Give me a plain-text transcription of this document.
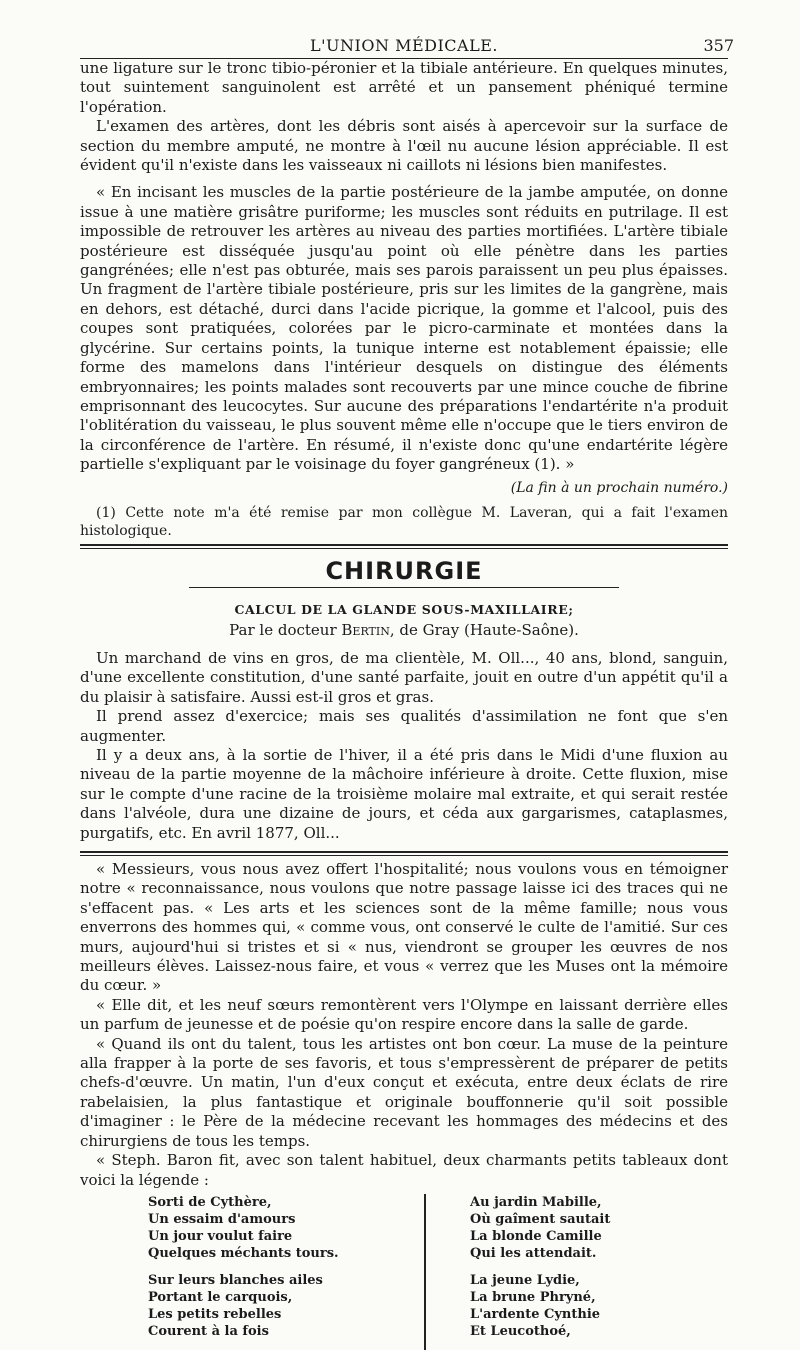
L'UNION MÉDICALE.	357

une ligature sur le tronc tibio-péronier et la tibiale antérieure. En quelques minutes, tout suintement sanguinolent est arrêté et un pansement phéniqué termine l'opération.

L'examen des artères, dont les débris sont aisés à apercevoir sur la surface de section du membre amputé, ne montre à l'œil nu aucune lésion appréciable. Il est évident qu'il n'existe dans les vaisseaux ni caillots ni lésions bien manifestes.

« En incisant les muscles de la partie postérieure de la jambe amputée, on donne issue à une matière grisâtre puriforme; les muscles sont réduits en putrilage. Il est impossible de retrouver les artères au niveau des parties mortifiées. L'artère tibiale postérieure est disséquée jusqu'au point où elle pénètre dans les parties gangrénées; elle n'est pas obturée, mais ses parois paraissent un peu plus épaisses. Un fragment de l'artère tibiale postérieure, pris sur les limites de la gangrène, mais en dehors, est détaché, durci dans l'acide picrique, la gomme et l'alcool, puis des coupes sont pratiquées, colorées par le picro-carminate et montées dans la glycérine. Sur certains points, la tunique interne est notablement épaissie; elle forme des mamelons dans l'intérieur desquels on distingue des éléments embryonnaires; les points malades sont recouverts par une mince couche de fibrine emprisonnant des leucocytes. Sur aucune des préparations l'endartérite n'a produit l'oblitération du vaisseau, le plus souvent même elle n'occupe que le tiers environ de la circonférence de l'artère. En résumé, il n'existe donc qu'une endartérite légère partielle s'expliquant par le voisinage du foyer gangréneux (1). »

(La fin à un prochain numéro.)

(1) Cette note m'a été remise par mon collègue M. Laveran, qui a fait l'examen histologique.

CHIRURGIE
CALCUL DE LA GLANDE SOUS-MAXILLAIRE;
Par le docteur Bertin, de Gray (Haute-Saône).

Un marchand de vins en gros, de ma clientèle, M. Oll..., 40 ans, blond, sanguin, d'une excellente constitution, d'une santé parfaite, jouit en outre d'un appétit qu'il a du plaisir à satisfaire. Aussi est-il gros et gras.

Il prend assez d'exercice; mais ses qualités d'assimilation ne font que s'en augmenter.

Il y a deux ans, à la sortie de l'hiver, il a été pris dans le Midi d'une fluxion au niveau de la partie moyenne de la mâchoire inférieure à droite. Cette fluxion, mise sur le compte d'une racine de la troisième molaire mal extraite, et qui serait restée dans l'alvéole, dura une dizaine de jours, et céda aux gargarismes, cataplasmes, purgatifs, etc. En avril 1877, Oll...

« Messieurs, vous nous avez offert l'hospitalité; nous voulons vous en témoigner notre « reconnaissance, nous voulons que notre passage laisse ici des traces qui ne s'effacent pas. « Les arts et les sciences sont de la même famille; nous vous enverrons des hommes qui, « comme vous, ont conservé le culte de l'amitié. Sur ces murs, aujourd'hui si tristes et si « nus, viendront se grouper les œuvres de nos meilleurs élèves. Laissez-nous faire, et vous « verrez que les Muses ont la mémoire du cœur. »

« Elle dit, et les neuf sœurs remontèrent vers l'Olympe en laissant derrière elles un parfum de jeunesse et de poésie qu'on respire encore dans la salle de garde.

« Quand ils ont du talent, tous les artistes ont bon cœur. La muse de la peinture alla frapper à la porte de ses favoris, et tous s'empressèrent de préparer de petits chefs-d'œuvre. Un matin, l'un d'eux conçut et exécuta, entre deux éclats de rire rabelaisien, la plus fantastique et originale bouffonnerie qu'il soit possible d'imaginer : le Père de la médecine recevant les hommages des médecins et des chirurgiens de tous les temps.

« Steph. Baron fit, avec son talent habituel, deux charmants petits tableaux dont voici la légende :

Sorti de Cythère,
Un essaim d'amours
Un jour voulut faire
Quelques méchants tours.
Sur leurs blanches ailes
Portant le carquois,
Les petits rebelles
Courent à la fois
Au jardin Mabille,
Où gaîment sautait
La blonde Camille
Qui les attendait.
La jeune Lydie,
La brune Phryné,
L'ardente Cynthie
Et Leucothoé,
